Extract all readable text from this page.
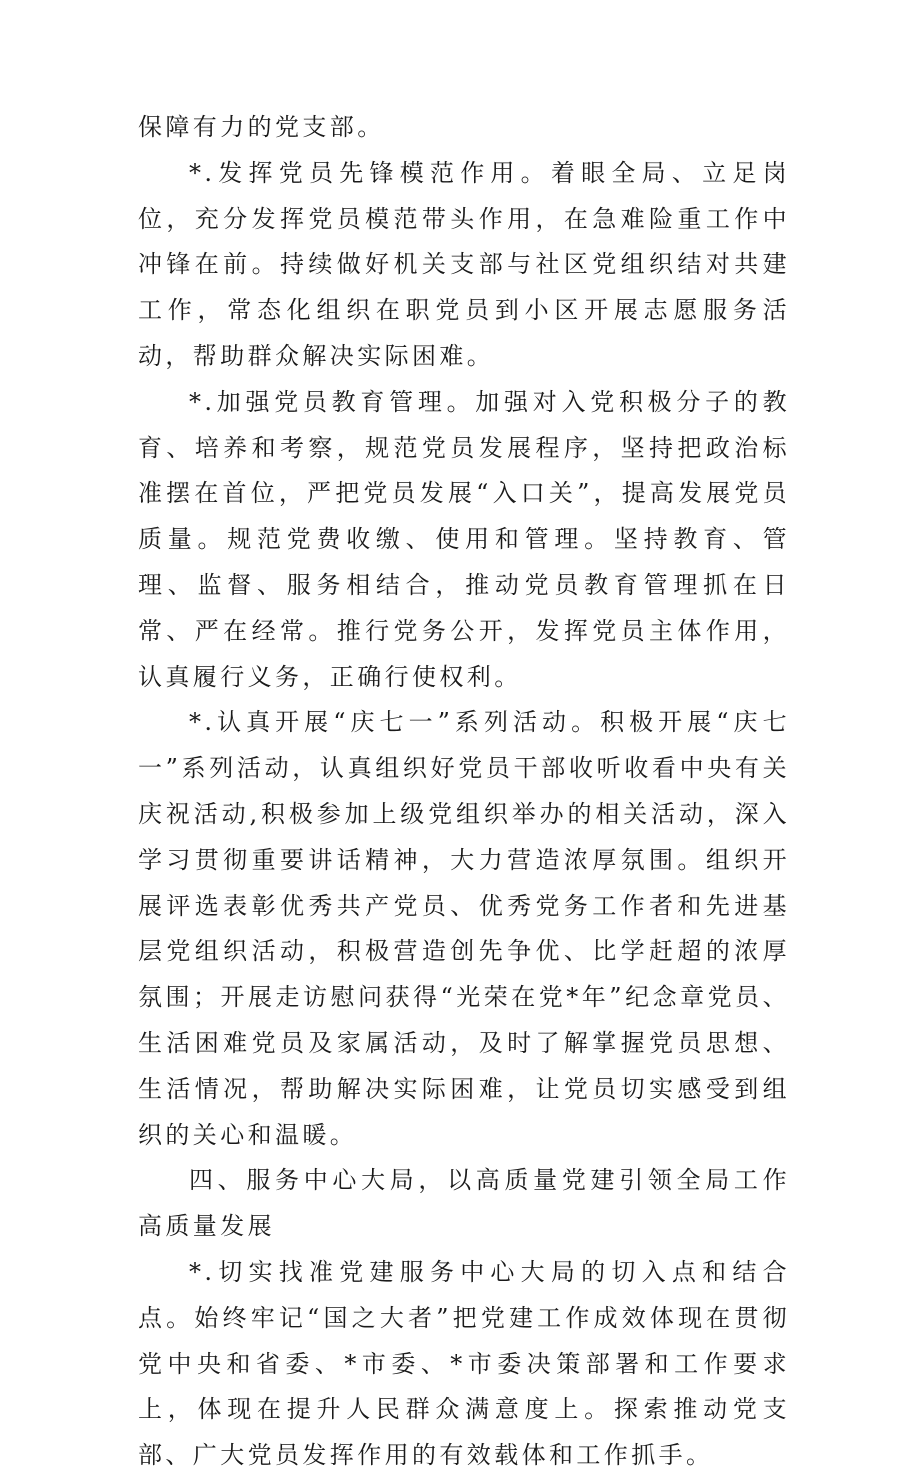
保障有力的党支部。

*.发挥党员先锋模范作用。着眼全局、立足岗位，充分发挥党员模范带头作用，在急难险重工作中冲锋在前。持续做好机关支部与社区党组织结对共建工作，常态化组织在职党员到小区开展志愿服务活动，帮助群众解决实际困难。

*.加强党员教育管理。加强对入党积极分子的教育、培养和考察，规范党员发展程序，坚持把政治标准摆在首位，严把党员发展“入口关”，提高发展党员质量。规范党费收缴、使用和管理。坚持教育、管理、监督、服务相结合，推动党员教育管理抓在日常、严在经常。推行党务公开，发挥党员主体作用，认真履行义务，正确行使权利。

*.认真开展“庆七一”系列活动。积极开展“庆七一”系列活动，认真组织好党员干部收听收看中央有关庆祝活动,积极参加上级党组织举办的相关活动，深入学习贯彻重要讲话精神，大力营造浓厚氛围。组织开展评选表彰优秀共产党员、优秀党务工作者和先进基层党组织活动，积极营造创先争优、比学赶超的浓厚氛围；开展走访慰问获得“光荣在党*年”纪念章党员、生活困难党员及家属活动，及时了解掌握党员思想、生活情况，帮助解决实际困难，让党员切实感受到组织的关心和温暖。

四、服务中心大局，以高质量党建引领全局工作高质量发展

*.切实找准党建服务中心大局的切入点和结合点。始终牢记“国之大者”把党建工作成效体现在贯彻党中央和省委、*市委、*市委决策部署和工作要求上，体现在提升人民群众满意度上。探索推动党支部、广大党员发挥作用的有效载体和工作抓手。
